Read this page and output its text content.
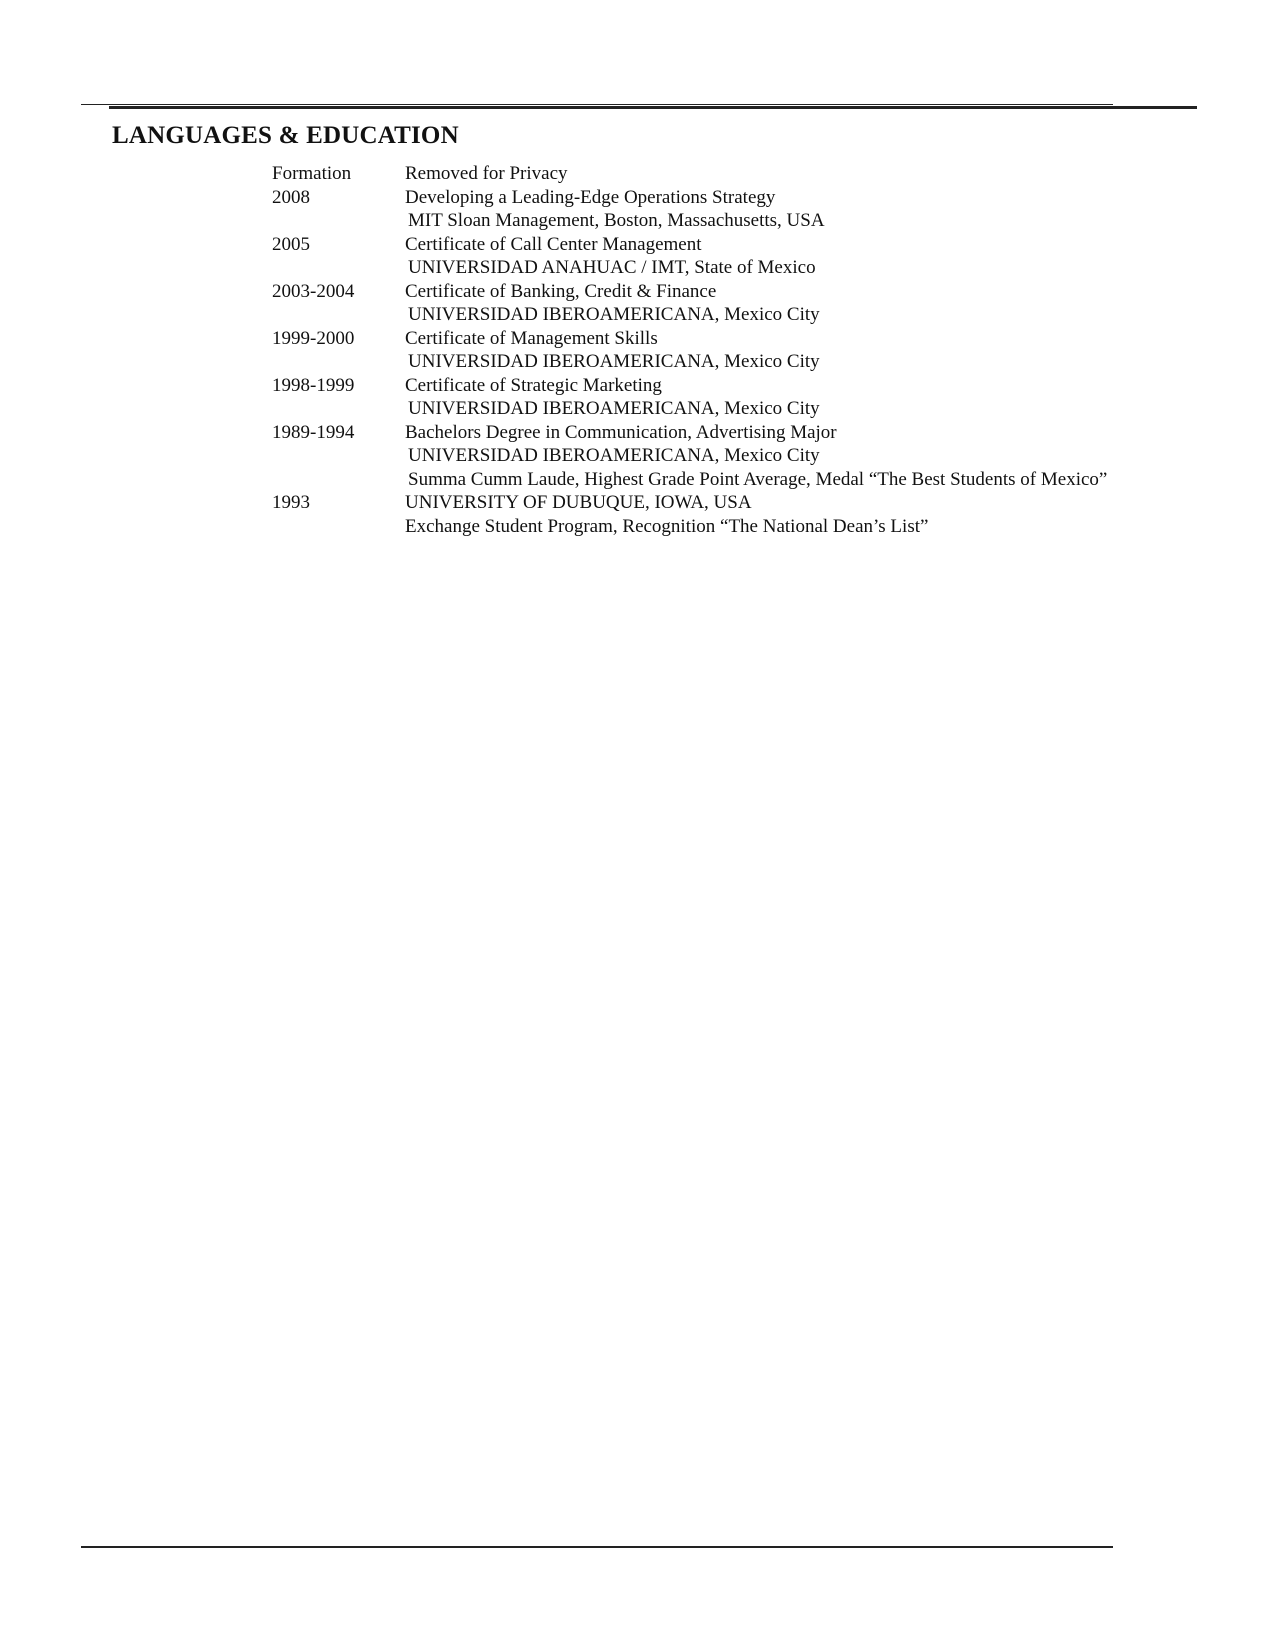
LANGUAGES & EDUCATION
Formation	Removed for Privacy
2008	Developing a Leading-Edge Operations Strategy
MIT Sloan Management, Boston, Massachusetts, USA
2005	Certificate of Call Center Management
UNIVERSIDAD ANAHUAC / IMT, State of Mexico
2003-2004	Certificate of Banking, Credit & Finance
UNIVERSIDAD IBEROAMERICANA, Mexico City
1999-2000	Certificate of Management Skills
UNIVERSIDAD IBEROAMERICANA, Mexico City
1998-1999	Certificate of Strategic Marketing
UNIVERSIDAD IBEROAMERICANA, Mexico City
1989-1994	Bachelors Degree in Communication, Advertising Major
UNIVERSIDAD IBEROAMERICANA, Mexico City
Summa Cumm Laude, Highest Grade Point Average, Medal “The Best Students of Mexico”
1993	UNIVERSITY OF DUBUQUE, IOWA, USA
Exchange Student Program, Recognition “The National Dean’s List”
